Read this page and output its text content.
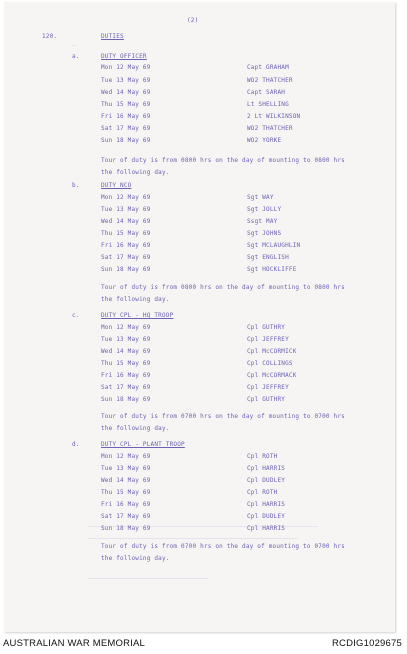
(2)
120.	DUTIES
a.	DUTY OFFICER
Mon 12 May 69	Capt GRAHAM
Tue 13 May 69	WO2 THATCHER
Wed 14 May 69	Capt SARAH
Thu 15 May 69	Lt SHELLING
Fri 16 May 69	2 Lt WILKINSON
Sat 17 May 69	WO2 THATCHER
Sun 18 May 69	WO2 YORKE
Tour of duty is from 0800 hrs on the day of mounting to 0800 hrs
the following day.
b.	DUTY NCO
Mon 12 May 69	Sgt WAY
Tue 13 May 69	Sgt JOLLY
Wed 14 May 69	Ssgt MAY
Thu 15 May 69	Sgt JOHNS
Fri 16 May 69	Sgt MCLAUGHLIN
Sat 17 May 69	Sgt ENGLISH
Sun 18 May 69	Sgt HOCKLIFFE
Tour of duty is from 0800 hrs on the day of mounting to 0800 hrs
the following day.
c.	DUTY CPL - HQ TROOP
Mon 12 May 69	Cpl GUTHRY
Tue 13 May 69	Cpl JEFFREY
Wed 14 May 69	Cpl McCORMICK
Thu 15 May 69	Cpl COLLINGS
Fri 16 May 69	Cpl McCORMACK
Sat 17 May 69	Cpl JEFFREY
Sun 18 May 69	Cpl GUTHRY
Tour of duty is from 0700 hrs on the day of mounting to 0700 hrs
the following day.
d.	DUTY CPL - PLANT TROOP
Mon 12 May 69	Cpl ROTH
Tue 13 May 69	Cpl HARRIS
Wed 14 May 69	Cpl DUDLEY
Thu 15 May 69	Cpl ROTH
Fri 16 May 69	Cpl HARRIS
Sat 17 May 69	Cpl DUDLEY
Sun 18 May 69	Cpl HARRIS
Tour of duty is from 0700 hrs on the day of mounting to 0700 hrs
the following day.
AUSTRALIAN WAR MEMORIAL	RCDIG1029675
